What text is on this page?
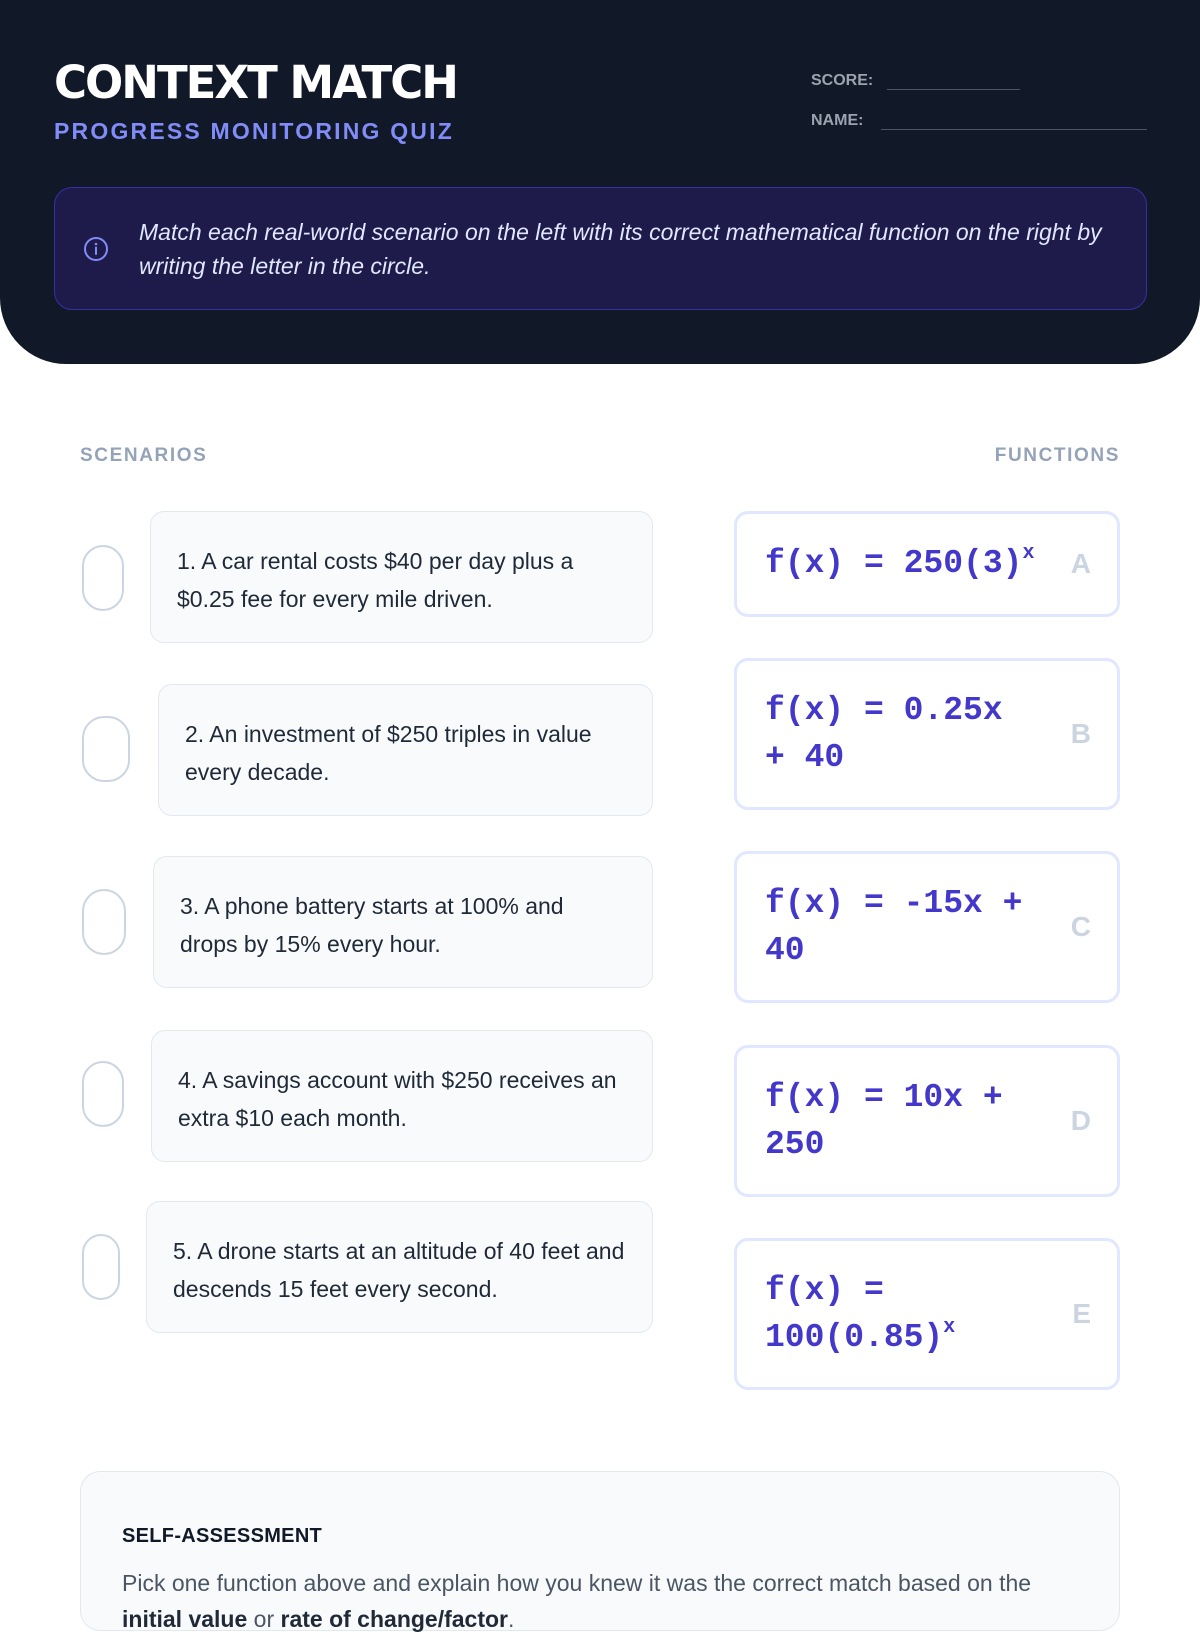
CONTEXT MATCH
PROGRESS MONITORING QUIZ
SCORE:
NAME:
Match each real-world scenario on the left with its correct mathematical function on the right by writing the letter in the circle.
SCENARIOS	FUNCTIONS
1. A car rental costs $40 per day plus a $0.25 fee for every mile driven.
2. An investment of $250 triples in value every decade.
3. A phone battery starts at 100% and drops by 15% every hour.
4. A savings account with $250 receives an extra $10 each month.
5. A drone starts at an altitude of 40 feet and descends 15 feet every second.
$f(x) = 250(3)^x$	A
f(x) = 0.25x + 40
B
f(x) = -15x + 40
C
f(x) = 10x + 250
D
$f(x) = 100(0.85)^x$	E
SELF-ASSESSMENT
Pick one function above and explain how you knew it was the correct match based on the initial value or rate of change/factor.
